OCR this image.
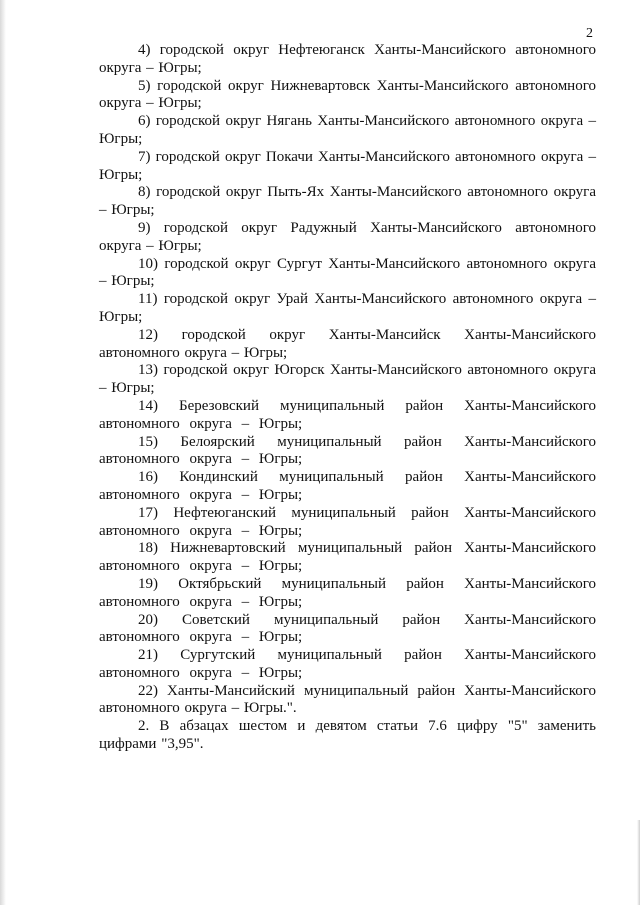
2

4) городской округ Нефтеюганск Ханты-Мансийского автономного округа – Югры;

5) городской округ Нижневартовск Ханты-Мансийского автономного округа – Югры;

6) городской округ Нягань Ханты-Мансийского автономного округа – Югры;

7) городской округ Покачи Ханты-Мансийского автономного округа – Югры;

8) городской округ Пыть-Ях Ханты-Мансийского автономного округа – Югры;

9) городской округ Радужный Ханты-Мансийского автономного округа – Югры;

10) городской округ Сургут Ханты-Мансийского автономного округа – Югры;

11) городской округ Урай Ханты-Мансийского автономного округа – Югры;

12) городской округ Ханты-Мансийск Ханты-Мансийского автономного округа – Югры;

13) городской округ Югорск Ханты-Мансийского автономного округа – Югры;

14) Березовский муниципальный район Ханты-Мансийского автономного округа – Югры;

15) Белоярский муниципальный район Ханты-Мансийского автономного округа – Югры;

16) Кондинский муниципальный район Ханты-Мансийского автономного округа – Югры;

17) Нефтеюганский муниципальный район Ханты-Мансийского автономного округа – Югры;

18) Нижневартовский муниципальный район Ханты-Мансийского автономного округа – Югры;

19) Октябрьский муниципальный район Ханты-Мансийского автономного округа – Югры;

20) Советский муниципальный район Ханты-Мансийского автономного округа – Югры;

21) Сургутский муниципальный район Ханты-Мансийского автономного округа – Югры;

22) Ханты-Мансийский муниципальный район Ханты-Мансийского автономного округа – Югры.".

2. В абзацах шестом и девятом статьи 7.6 цифру "5" заменить цифрами "3,95".
